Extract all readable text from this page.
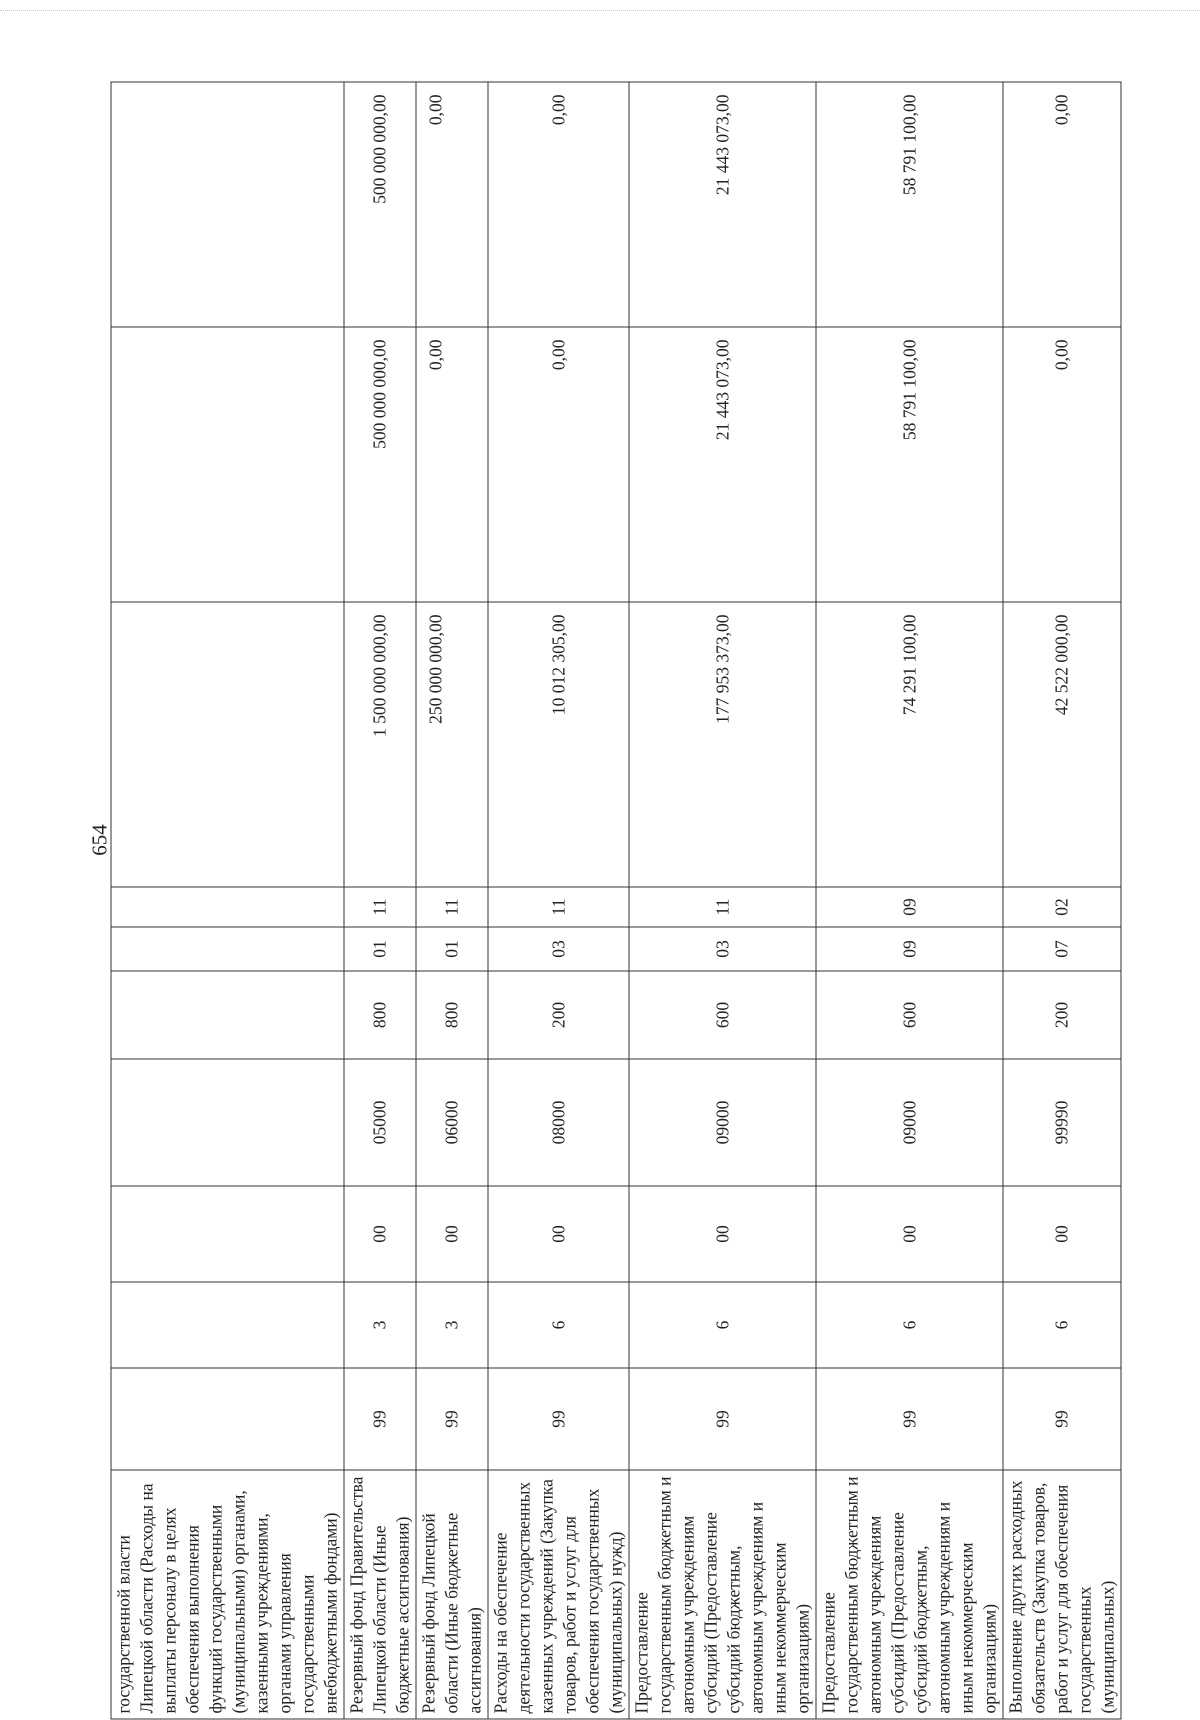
654
государственной власти Липецкой области (Расходы на выплаты персоналу в целях обеспечения выполнения функций государственными (муниципальными) органами, казенными учреждениями, органами управления государственными внебюджетными фондами)										
Резервный фонд Правительства Липецкой области (Иные бюджетные ассигнования)	99	3	00	05000	800	01	11	1 500 000 000,00	500 000 000,00	500 000 000,00
Резервный фонд Липецкой области (Иные бюджетные ассигнования)	99	3	00	06000	800	01	11	250 000 000,00	0,00	0,00
Расходы на обеспечение деятельности государственных казенных учреждений (Закупка товаров, работ и услуг для обеспечения государственных (муниципальных) нужд)	99	6	00	08000	200	03	11	10 012 305,00	0,00	0,00
Предоставление государственным бюджетным и автономным учреждениям субсидий (Предоставление субсидий бюджетным, автономным учреждениям и иным некоммерческим организациям)	99	6	00	09000	600	03	11	177 953 373,00	21 443 073,00	21 443 073,00
Предоставление государственным бюджетным и автономным учреждениям субсидий (Предоставление субсидий бюджетным, автономным учреждениям и иным некоммерческим организациям)	99	6	00	09000	600	09	09	74 291 100,00	58 791 100,00	58 791 100,00
Выполнение других расходных обязательств (Закупка товаров, работ и услуг для обеспечения государственных (муниципальных)	99	6	00	99990	200	07	02	42 522 000,00	0,00	0,00
